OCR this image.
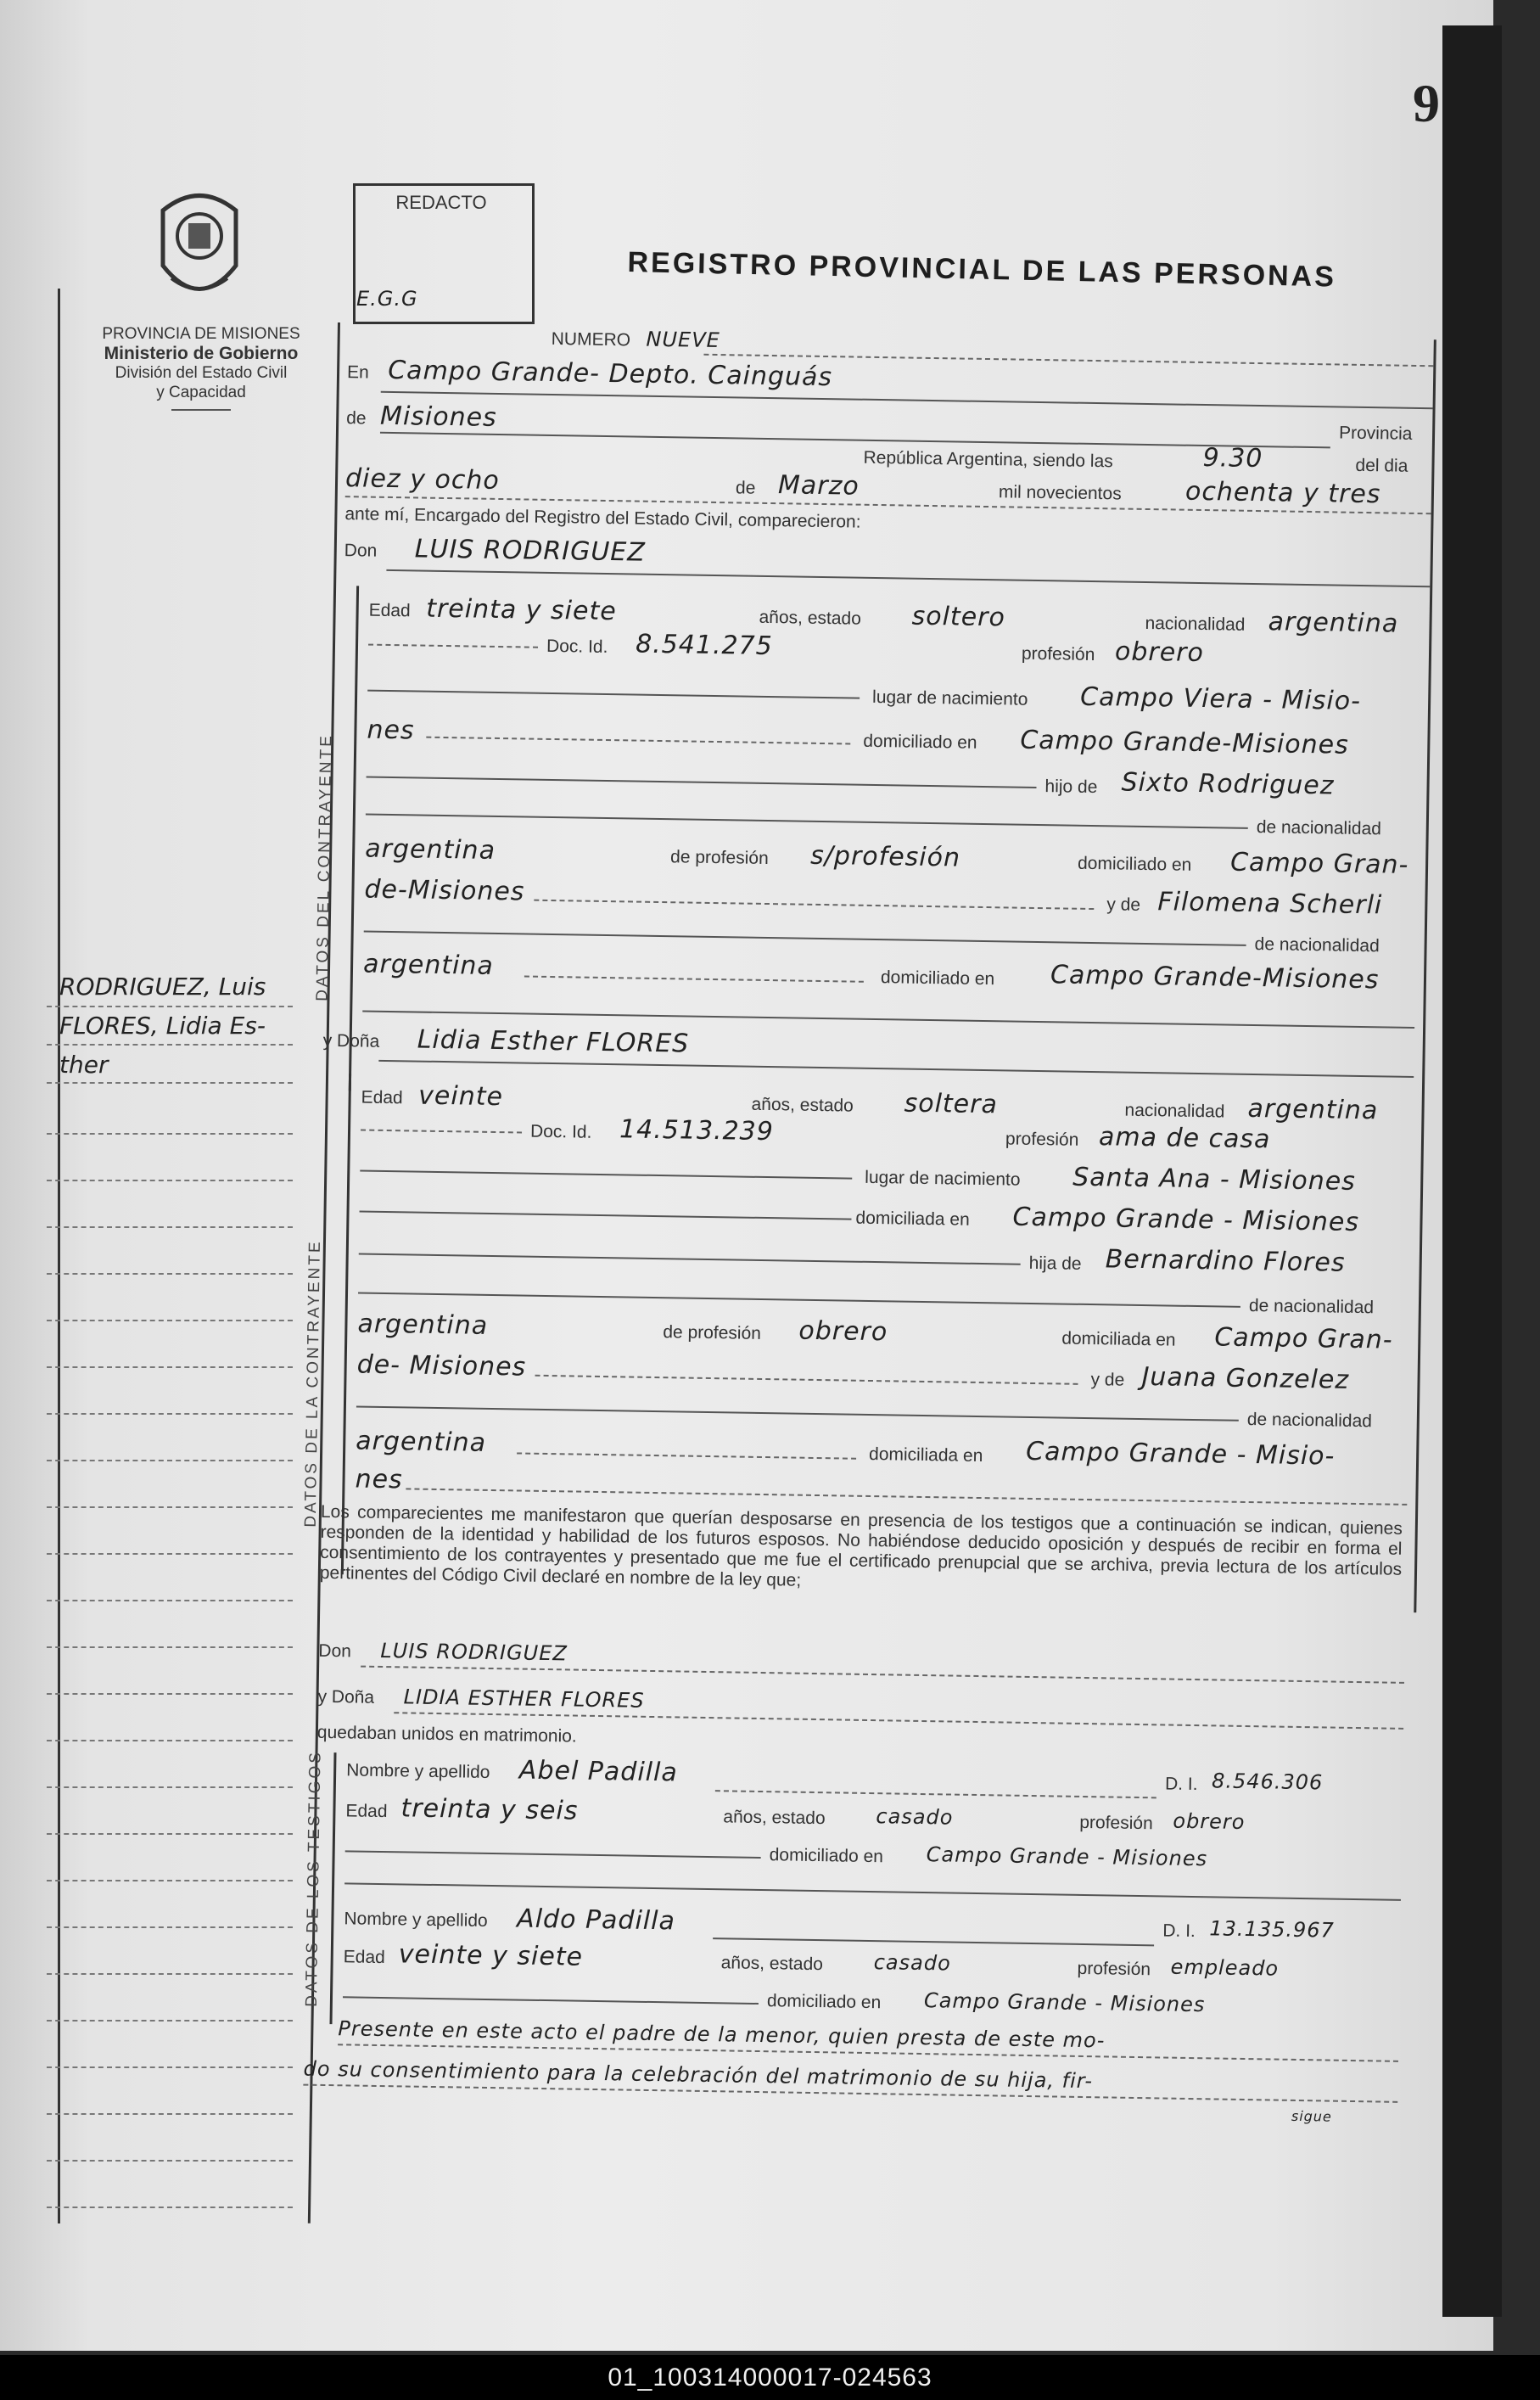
9
PROVINCIA DE MISIONES
Ministerio de Gobierno
División del Estado Civil
y Capacidad
REDACTO
E.G.G
REGISTRO PROVINCIAL DE LAS PERSONAS
RODRIGUEZ, Luis
FLORES, Lidia Es-
ther
NUMERO NUEVE
En Campo Grande- Depto. Cainguás
de Misiones
Provincia
República Argentina, siendo las	9.30	del dia
diez y ocho	de Marzo	mil novecientos ochenta y tres
ante mí, Encargado del Registro del Estado Civil, comparecieron:
Don LUIS RODRIGUEZ
DATOS DEL CONTRAYENTE
Edad treinta y siete	años, estado soltero	nacionalidad argentina
Doc. Id. 8.541.275	profesión obrero
lugar de nacimiento Campo Viera - Misio-
nes	domiciliado en Campo Grande-Misiones
hijo de Sixto Rodriguez
de nacionalidad
argentina	de profesión s/profesión	domiciliado en Campo Gran-
de-Misiones	y de Filomena Scherli
de nacionalidad
argentina	domiciliado en Campo Grande-Misiones
y Doña Lidia Esther FLORES
DATOS DE LA CONTRAYENTE
Edad veinte	años, estado soltera	nacionalidad argentina
Doc. Id. 14.513.239	profesión ama de casa
lugar de nacimiento Santa Ana - Misiones
domiciliada en Campo Grande - Misiones
hija de Bernardino Flores
de nacionalidad
argentina	de profesión obrero	domiciliada en Campo Gran-
de- Misiones	y de Juana Gonzelez
de nacionalidad
argentina	domiciliada en Campo Grande - Misio-
nes
Los comparecientes me manifestaron que querían desposarse en presencia de los testigos que a continuación se indican, quienes responden de la identidad y habilidad de los futuros esposos. No habiéndose deducido oposición y después de recibir en forma el consentimiento de los contrayentes y presentado que me fue el certificado prenupcial que se archiva, previa lectura de los artículos pertinentes del Código Civil declaré en nombre de la ley que;
Don LUIS RODRIGUEZ
y Doña LIDIA ESTHER FLORES
quedaban unidos en matrimonio.
DATOS DE LOS TESTIGOS Nombre y apellido Abel Padilla	D. I. 8.546.306
Edad treinta y seis	años, estado casado	profesión obrero
domiciliado en Campo Grande - Misiones
Nombre y apellido Aldo Padilla	D. I. 13.135.967
Edad veinte y siete	años, estado casado	profesión empleado
domiciliado en Campo Grande - Misiones
Presente en este acto el padre de la menor, quien presta de este mo-
do su consentimiento para la celebración del matrimonio de su hija, fir-
sigue
01_100314000017-024563
